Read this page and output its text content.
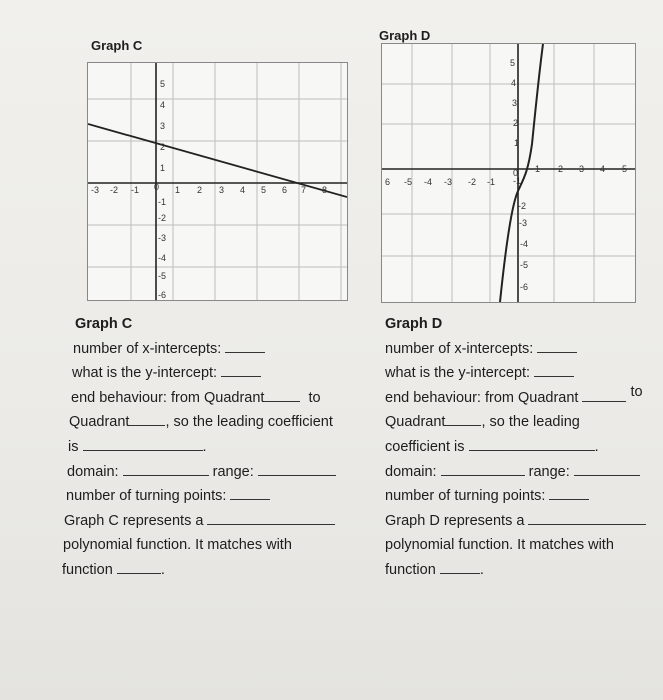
Graph C
-3 -2 -1 0 1 2 3 4 5 6 7 8
5
4
3
2
1
-1
-2
-3
-4
-5
-6
Graph D
6 -5 -4 -3 -2 -1
0 1 2 3 4 5
5
4
3
2
1
-1
-2
-3
-4
-5
-6

Graph C

number of x-intercepts:

what is the y-intercept:

end behaviour: from Quadrant	to

Quadrant , so the leading coefficient

is	.

domain:	range:

number of turning points:

Graph C represents a

polynomial function. It matches with

function	.

Graph D

number of x-intercepts:

what is the y-intercept:

end behaviour: from Quadrant	to

Quadrant , so the leading

coefficient is	.

domain:	range:

number of turning points:

Graph D represents a

polynomial function. It matches with

function	.
